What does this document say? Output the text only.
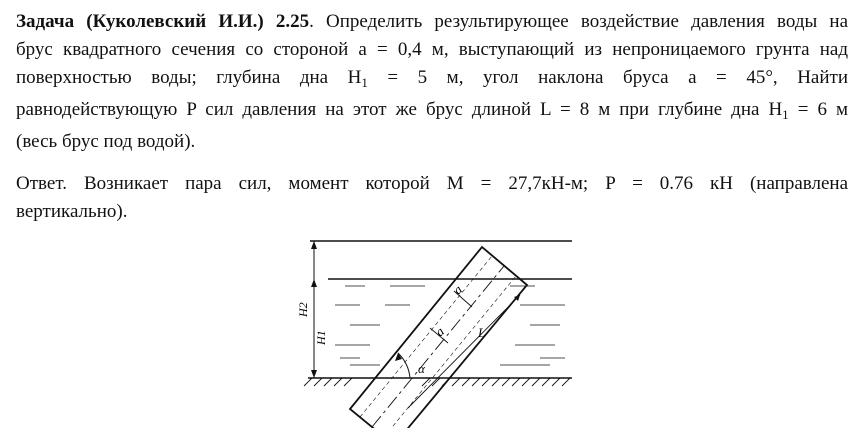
Задача (Куколевский И.И.) 2.25. Определить результирующее воздействие давления воды на
брус квадратного сечения со стороной a = 0,4 м, выступающий из непроницаемого грунта над
поверхностью воды; глубина дна $H_1 = 5$ м, угол наклона бруса a = 45°, Найти
равнодействующую P сил давления на этот же брус длиной L = 8 м при глубине дна $H_1 = 6$ м
(весь брус под водой).
Ответ. Возникает пара сил, момент которой M = 27,7кН-м; P = 0.76 кН (направлена
вертикально).
H2
H1
a
a L
α
